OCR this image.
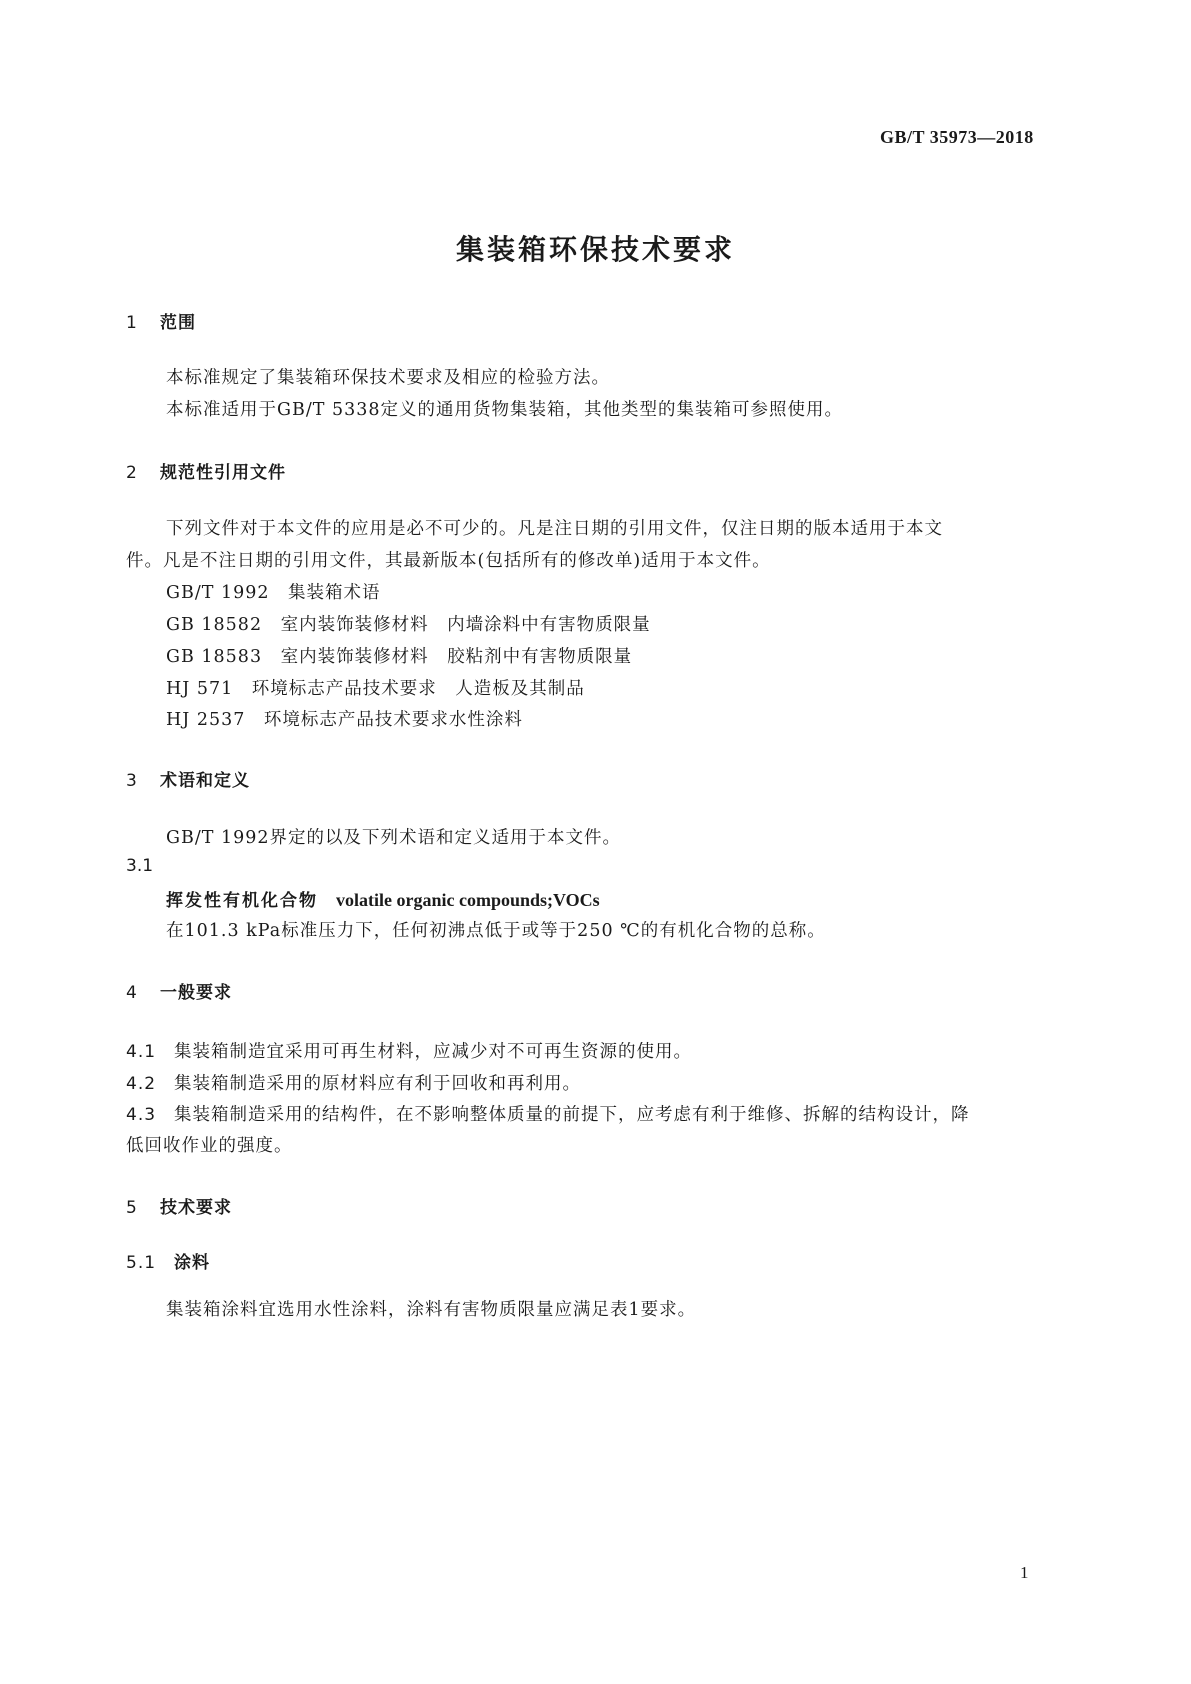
GB/T 35973—2018
集装箱环保技术要求
1 范围
本标准规定了集装箱环保技术要求及相应的检验方法。
本标准适用于GB/T 5338定义的通用货物集装箱，其他类型的集装箱可参照使用。
2 规范性引用文件
下列文件对于本文件的应用是必不可少的。凡是注日期的引用文件，仅注日期的版本适用于本文
件。凡是不注日期的引用文件，其最新版本(包括所有的修改单)适用于本文件。
GB/T 1992　集装箱术语
GB 18582　室内装饰装修材料　内墙涂料中有害物质限量
GB 18583　室内装饰装修材料　胶粘剂中有害物质限量
HJ 571　环境标志产品技术要求　人造板及其制品
HJ 2537　环境标志产品技术要求水性涂料
3 术语和定义
GB/T 1992界定的以及下列术语和定义适用于本文件。
3.1
挥发性有机化合物 volatile organic compounds;VOCs
在101.3 kPa标准压力下，任何初沸点低于或等于250 ℃的有机化合物的总称。
4 一般要求
4.1 集装箱制造宜采用可再生材料，应减少对不可再生资源的使用。
4.2 集装箱制造采用的原材料应有利于回收和再利用。
4.3 集装箱制造采用的结构件，在不影响整体质量的前提下，应考虑有利于维修、拆解的结构设计，降
低回收作业的强度。
5 技术要求
5.1 涂料
集装箱涂料宜选用水性涂料，涂料有害物质限量应满足表1要求。
1
